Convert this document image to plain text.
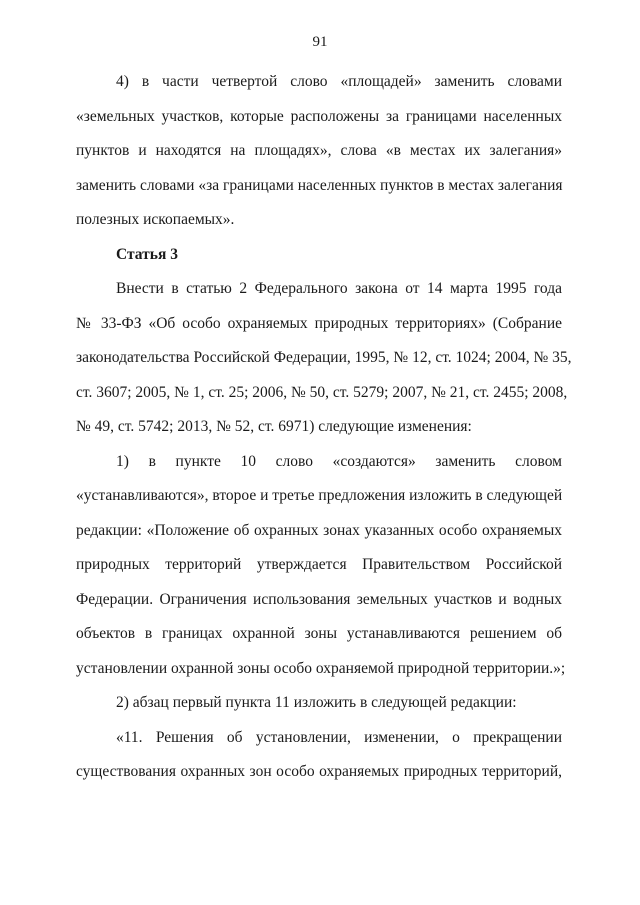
91
4) в части четвертой слово «площадей» заменить словами
«земельных участков, которые расположены за границами населенных
пунктов и находятся на площадях», слова «в местах их залегания»
заменить словами «за границами населенных пунктов в местах залегания
полезных ископаемых».
Статья 3
Внести в статью 2 Федерального закона от 14 марта 1995 года
№ 33-ФЗ «Об особо охраняемых природных территориях» (Собрание
законодательства Российской Федерации, 1995, № 12, ст. 1024; 2004, № 35,
ст. 3607; 2005, № 1, ст. 25; 2006, № 50, ст. 5279; 2007, № 21, ст. 2455; 2008,
№ 49, ст. 5742; 2013, № 52, ст. 6971) следующие изменения:
1) в пункте 10 слово «создаются» заменить словом
«устанавливаются», второе и третье предложения изложить в следующей
редакции: «Положение об охранных зонах указанных особо охраняемых
природных территорий утверждается Правительством Российской
Федерации. Ограничения использования земельных участков и водных
объектов в границах охранной зоны устанавливаются решением об
установлении охранной зоны особо охраняемой природной территории.»;
2) абзац первый пункта 11 изложить в следующей редакции:
«11. Решения об установлении, изменении, о прекращении
существования охранных зон особо охраняемых природных территорий,
